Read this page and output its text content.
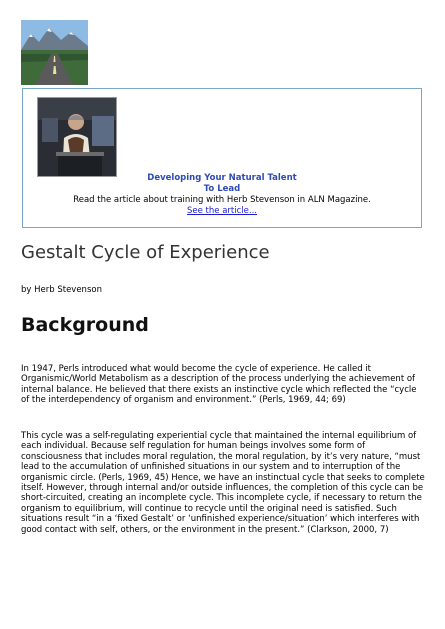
Developing Your Natural Talent
To Lead
Read the article about training with Herb Stevenson in ALN Magazine.
See the article...
Gestalt Cycle of Experience

by Herb Stevenson

Background

In 1947, Perls introduced what would become the cycle of experience. He called it Organismic/World Metabolism as a description of the process underlying the achievement of internal balance. He believed that there exists an instinctive cycle which reflected the “cycle of the interdependency of organism and environment.” (Perls, 1969, 44; 69)

This cycle was a self-regulating experiential cycle that maintained the internal equilibrium of each individual. Because self regulation for human beings involves some form of consciousness that includes moral regulation, the moral regulation, by it’s very nature, “must lead to the accumulation of unfinished situations in our system and to interruption of the organismic circle. (Perls, 1969, 45) Hence, we have an instinctual cycle that seeks to complete itself. However, through internal and/or outside influences, the completion of this cycle can be short-circuited, creating an incomplete cycle. This incomplete cycle, if necessary to return the organism to equilibrium, will continue to recycle until the original need is satisfied. Such situations result “in a ‘fixed Gestalt’ or ‘unfinished experience/situation’ which interferes with good contact with self, others, or the environment in the present.” (Clarkson, 2000, 7)
